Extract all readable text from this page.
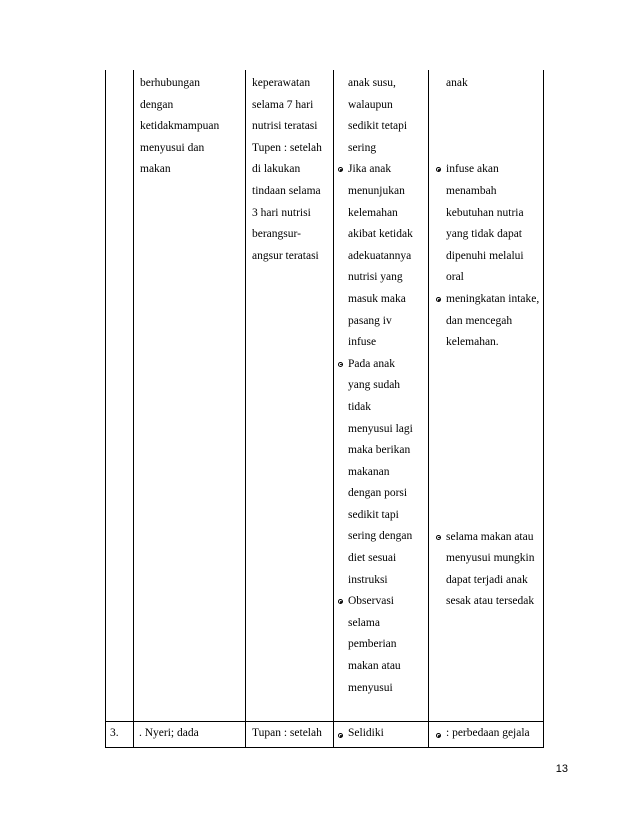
berhubungan
dengan
ketidakmampuan
menyusui dan
makan
keperawatan
selama 7 hari
nutrisi teratasi
Tupen : setelah
di lakukan
tindaan selama
3 hari nutrisi
berangsur-
angsur teratasi
anak susu,
walaupun
sedikit tetapi
sering
Jika anak
menunjukan
kelemahan
akibat ketidak
adekuatannya
nutrisi yang
masuk maka
pasang iv
infuse
Pada anak
yang sudah
tidak
menyusui lagi
maka berikan
makanan
dengan porsi
sedikit tapi
sering dengan
diet sesuai
instruksi
Observasi
selama
pemberian
makan atau
menyusui
anak
infuse akan
menambah
kebutuhan nutria
yang tidak dapat
dipenuhi melalui
oral
meningkatan intake,
dan mencegah
kelemahan.
selama makan atau
menyusui mungkin
dapat terjadi anak
sesak atau tersedak
3. . Nyeri; dada	Tupan : setelah Selidiki	: perbedaan gejala
13
